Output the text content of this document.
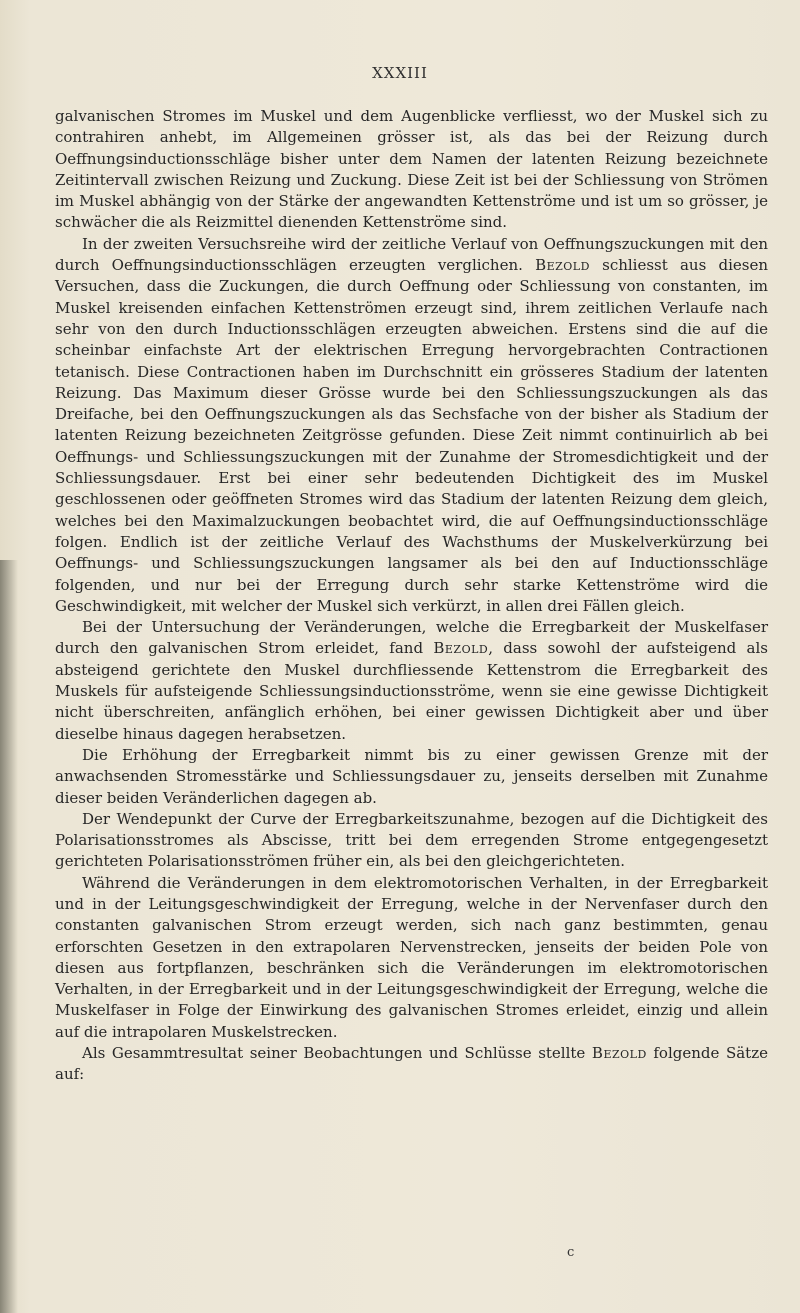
XXXIII

galvanischen Stromes im Muskel und dem Augenblicke verfliesst, wo der Muskel sich zu contrahiren anhebt, im Allgemeinen grösser ist, als das bei der Reizung durch Oeffnungsinductionsschläge bisher unter dem Namen der latenten Reizung bezeichnete Zeitintervall zwischen Reizung und Zuckung. Diese Zeit ist bei der Schliessung von Strömen im Muskel abhängig von der Stärke der angewandten Kettenströme und ist um so grösser, je schwächer die als Reizmittel dienenden Kettenströme sind.

In der zweiten Versuchsreihe wird der zeitliche Verlauf von Oeffnungszuckungen mit den durch Oeffnungsinductionsschlägen erzeugten verglichen. Bezold schliesst aus diesen Versuchen, dass die Zuckungen, die durch Oeffnung oder Schliessung von constanten, im Muskel kreisenden einfachen Kettenströmen erzeugt sind, ihrem zeitlichen Verlaufe nach sehr von den durch Inductionsschlägen erzeugten abweichen. Erstens sind die auf die scheinbar einfachste Art der elektrischen Erregung hervorgebrachten Contractionen tetanisch. Diese Contractionen haben im Durchschnitt ein grösseres Stadium der latenten Reizung. Das Maximum dieser Grösse wurde bei den Schliessungszuckungen als das Dreifache, bei den Oeffnungszuckungen als das Sechsfache von der bisher als Stadium der latenten Reizung bezeichneten Zeitgrösse gefunden. Diese Zeit nimmt continuirlich ab bei Oeffnungs- und Schliessungszuckungen mit der Zunahme der Stromesdichtigkeit und der Schliessungsdauer. Erst bei einer sehr bedeutenden Dichtigkeit des im Muskel geschlossenen oder geöffneten Stromes wird das Stadium der latenten Reizung dem gleich, welches bei den Maximalzuckungen beobachtet wird, die auf Oeffnungsinductionsschläge folgen. Endlich ist der zeitliche Verlauf des Wachsthums der Muskelverkürzung bei Oeffnungs- und Schliessungszuckungen langsamer als bei den auf Inductionsschläge folgenden, und nur bei der Erregung durch sehr starke Kettenströme wird die Geschwindigkeit, mit welcher der Muskel sich verkürzt, in allen drei Fällen gleich.

Bei der Untersuchung der Veränderungen, welche die Erregbarkeit der Muskelfaser durch den galvanischen Strom erleidet, fand Bezold, dass sowohl der aufsteigend als absteigend gerichtete den Muskel durchfliessende Kettenstrom die Erregbarkeit des Muskels für aufsteigende Schliessungsinductionsströme, wenn sie eine gewisse Dichtigkeit nicht überschreiten, anfänglich erhöhen, bei einer gewissen Dichtigkeit aber und über dieselbe hinaus dagegen herabsetzen.

Die Erhöhung der Erregbarkeit nimmt bis zu einer gewissen Grenze mit der anwachsenden Stromesstärke und Schliessungsdauer zu, jenseits derselben mit Zunahme dieser beiden Veränderlichen dagegen ab.

Der Wendepunkt der Curve der Erregbarkeitszunahme, bezogen auf die Dichtigkeit des Polarisationsstromes als Abscisse, tritt bei dem erregenden Strome entgegengesetzt gerichteten Polarisationsströmen früher ein, als bei den gleichgerichteten.

Während die Veränderungen in dem elektromotorischen Verhalten, in der Erregbarkeit und in der Leitungsgeschwindigkeit der Erregung, welche in der Nervenfaser durch den constanten galvanischen Strom erzeugt werden, sich nach ganz bestimmten, genau erforschten Gesetzen in den extrapolaren Nervenstrecken, jenseits der beiden Pole von diesen aus fortpflanzen, beschränken sich die Veränderungen im elektromotorischen Verhalten, in der Erregbarkeit und in der Leitungsgeschwindigkeit der Erregung, welche die Muskelfaser in Folge der Einwirkung des galvanischen Stromes erleidet, einzig und allein auf die intrapolaren Muskelstrecken.

Als Gesammtresultat seiner Beobachtungen und Schlüsse stellte Bezold folgende Sätze auf:

c
